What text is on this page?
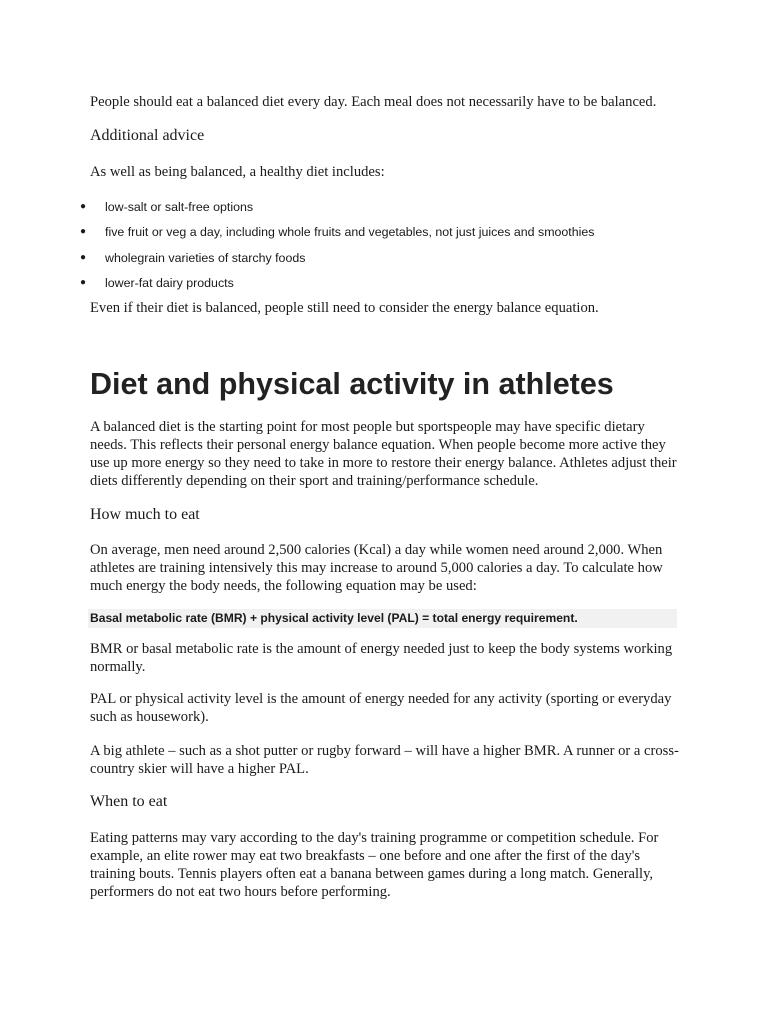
People should eat a balanced diet every day. Each meal does not necessarily have to be balanced.

Additional advice

As well as being balanced, a healthy diet includes:

●	low-salt or salt-free options
●	five fruit or veg a day, including whole fruits and vegetables, not just juices and smoothies
●	wholegrain varieties of starchy foods
●	lower-fat dairy products

Even if their diet is balanced, people still need to consider the energy balance equation.

Diet and physical activity in athletes

A balanced diet is the starting point for most people but sportspeople may have specific dietary needs. This reflects their personal energy balance equation. When people become more active they use up more energy so they need to take in more to restore their energy balance. Athletes adjust their diets differently depending on their sport and training/performance schedule.

How much to eat

On average, men need around 2,500 calories (Kcal) a day while women need around 2,000. When athletes are training intensively this may increase to around 5,000 calories a day. To calculate how much energy the body needs, the following equation may be used:

Basal metabolic rate (BMR) + physical activity level (PAL) = total energy requirement.

BMR or basal metabolic rate is the amount of energy needed just to keep the body systems working normally.

PAL or physical activity level is the amount of energy needed for any activity (sporting or everyday such as housework).

A big athlete – such as a shot putter or rugby forward – will have a higher BMR. A runner or a cross-country skier will have a higher PAL.

When to eat

Eating patterns may vary according to the day's training programme or competition schedule. For example, an elite rower may eat two breakfasts – one before and one after the first of the day's training bouts. Tennis players often eat a banana between games during a long match. Generally, performers do not eat two hours before performing.
